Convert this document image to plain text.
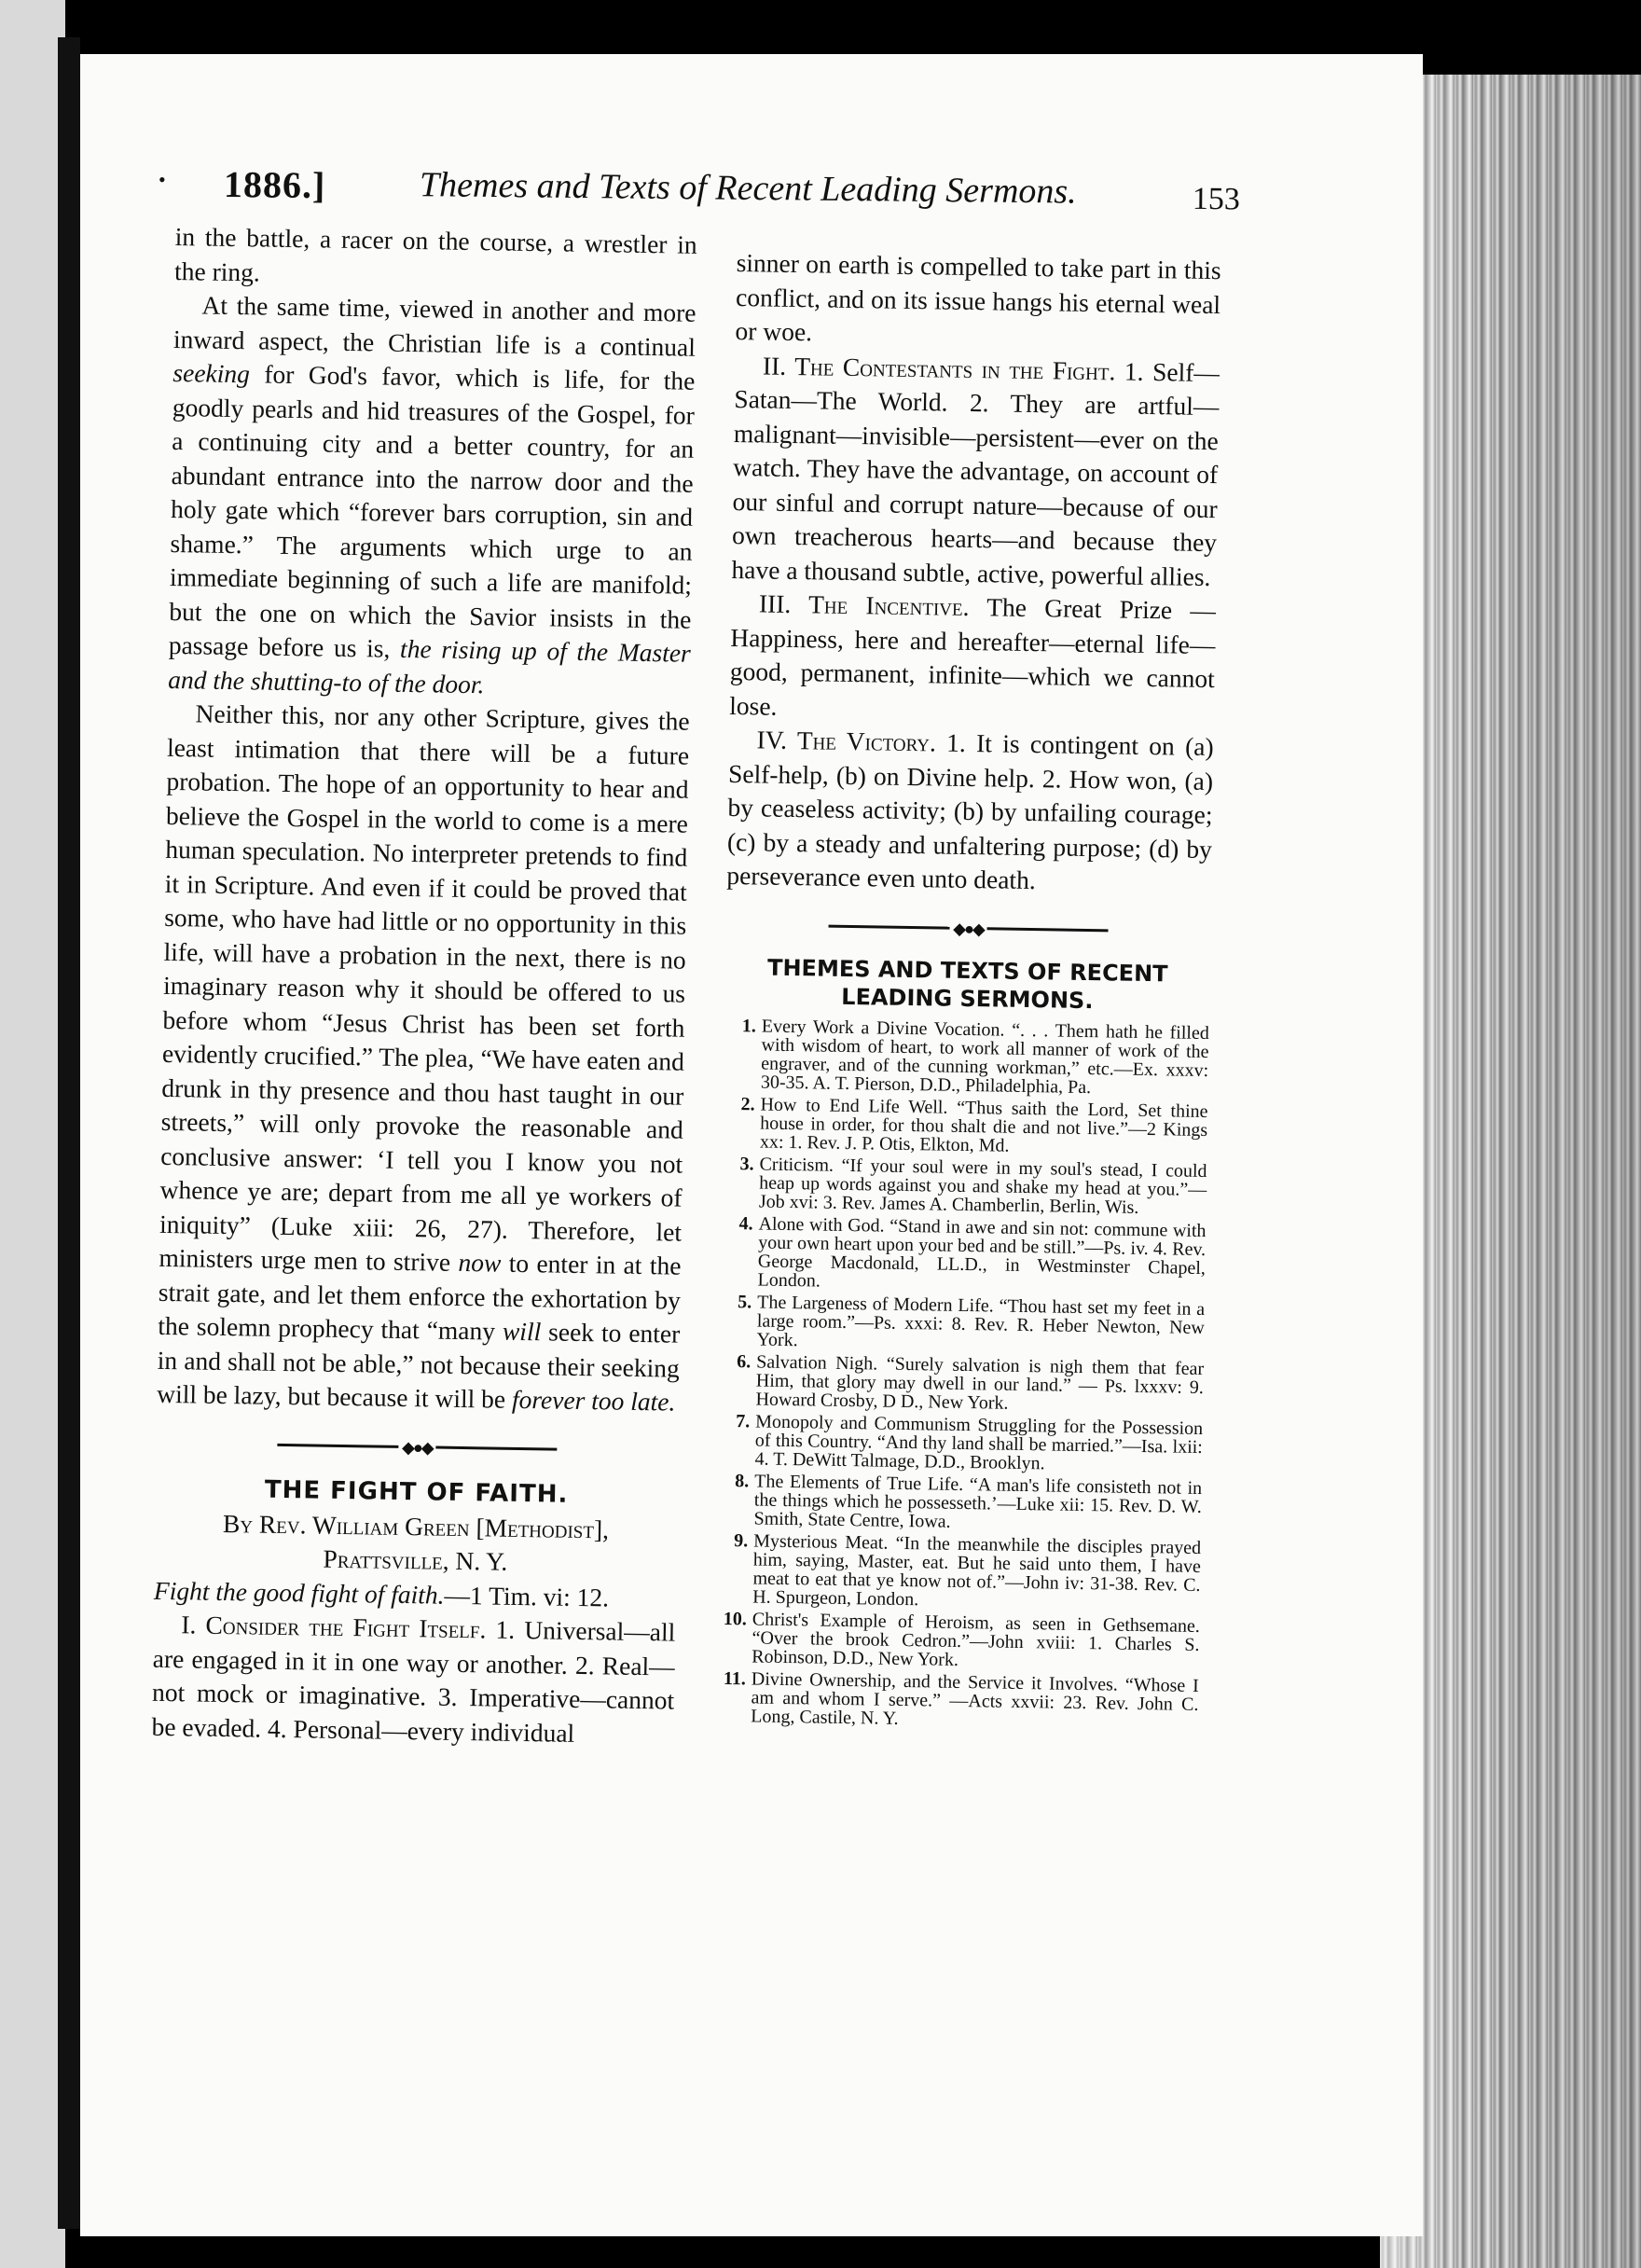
• 1886.]	Themes and Texts of Recent Leading Sermons.	153

in the battle, a racer on the course, a wrestler in the ring.

At the same time, viewed in another and more inward aspect, the Christian life is a continual seeking for God's favor, which is life, for the goodly pearls and hid treasures of the Gospel, for a continuing city and a better country, for an abundant entrance into the narrow door and the holy gate which “forever bars corruption, sin and shame.” The arguments which urge to an immediate beginning of such a life are manifold; but the one on which the Savior insists in the passage before us is, the rising up of the Master and the shutting-to of the door.

Neither this, nor any other Scripture, gives the least intimation that there will be a future probation. The hope of an opportunity to hear and believe the Gospel in the world to come is a mere human speculation. No interpreter pretends to find it in Scripture. And even if it could be proved that some, who have had little or no opportunity in this life, will have a probation in the next, there is no imaginary reason why it should be offered to us before whom “Jesus Christ has been set forth evidently crucified.” The plea, “We have eaten and drunk in thy presence and thou hast taught in our streets,” will only provoke the reasonable and conclusive answer: ‘I tell you I know you not whence ye are; depart from me all ye workers of iniquity” (Luke xiii: 26, 27). Therefore, let ministers urge men to strive now to enter in at the strait gate, and let them enforce the exhortation by the solemn prophecy that “many will seek to enter in and shall not be able,” not because their seeking will be lazy, but because it will be forever too late.

◆●◆
THE FIGHT OF FAITH.
By Rev. William Green [Methodist],
Prattsville, N. Y.

Fight the good fight of faith.—1 Tim. vi: 12.

I. Consider the Fight Itself. 1. Universal—all are engaged in it in one way or another. 2. Real—not mock or imaginative. 3. Imperative—cannot be evaded. 4. Personal—every individual

sinner on earth is compelled to take part in this conflict, and on its issue hangs his eternal weal or woe.

II. The Contestants in the Fight. 1. Self—Satan—The World. 2. They are artful—malignant—invisible—persistent—ever on the watch. They have the advantage, on account of our sinful and corrupt nature—because of our own treacherous hearts—and because they have a thousand subtle, active, powerful allies.

III. The Incentive. The Great Prize —Happiness, here and hereafter—eternal life—good, permanent, infinite—which we cannot lose.

IV. The Victory. 1. It is contingent on (a) Self-help, (b) on Divine help. 2. How won, (a) by ceaseless activity; (b) by unfailing courage; (c) by a steady and unfaltering purpose; (d) by perseverance even unto death.

◆●◆
THEMES AND TEXTS OF RECENT
LEADING SERMONS.
1. Every Work a Divine Vocation. “. . . Them hath he filled with wisdom of heart, to work all manner of work of the engraver, and of the cunning workman,” etc.—Ex. xxxv: 30-35. A. T. Pierson, D.D., Philadelphia, Pa.
2. How to End Life Well. “Thus saith the Lord, Set thine house in order, for thou shalt die and not live.”—2 Kings xx: 1. Rev. J. P. Otis, Elkton, Md.
3. Criticism. “If your soul were in my soul's stead, I could heap up words against you and shake my head at you.”—Job xvi: 3. Rev. James A. Chamberlin, Berlin, Wis.
4. Alone with God. “Stand in awe and sin not: commune with your own heart upon your bed and be still.”—Ps. iv. 4. Rev. George Macdonald, LL.D., in Westminster Chapel, London.
5. The Largeness of Modern Life. “Thou hast set my feet in a large room.”—Ps. xxxi: 8. Rev. R. Heber Newton, New York.
6. Salvation Nigh. “Surely salvation is nigh them that fear Him, that glory may dwell in our land.” — Ps. lxxxv: 9. Howard Crosby, D D., New York.
7. Monopoly and Communism Struggling for the Possession of this Country. “And thy land shall be married.”—Isa. lxii: 4. T. DeWitt Talmage, D.D., Brooklyn.
8. The Elements of True Life. “A man's life consisteth not in the things which he possesseth.’—Luke xii: 15. Rev. D. W. Smith, State Centre, Iowa.
9. Mysterious Meat. “In the meanwhile the disciples prayed him, saying, Master, eat. But he said unto them, I have meat to eat that ye know not of.”—John iv: 31-38. Rev. C. H. Spurgeon, London.
10. Christ's Example of Heroism, as seen in Gethsemane. “Over the brook Cedron.”—John xviii: 1. Charles S. Robinson, D.D., New York.
11. Divine Ownership, and the Service it Involves. “Whose I am and whom I serve.” —Acts xxvii: 23. Rev. John C. Long, Castile, N. Y.
